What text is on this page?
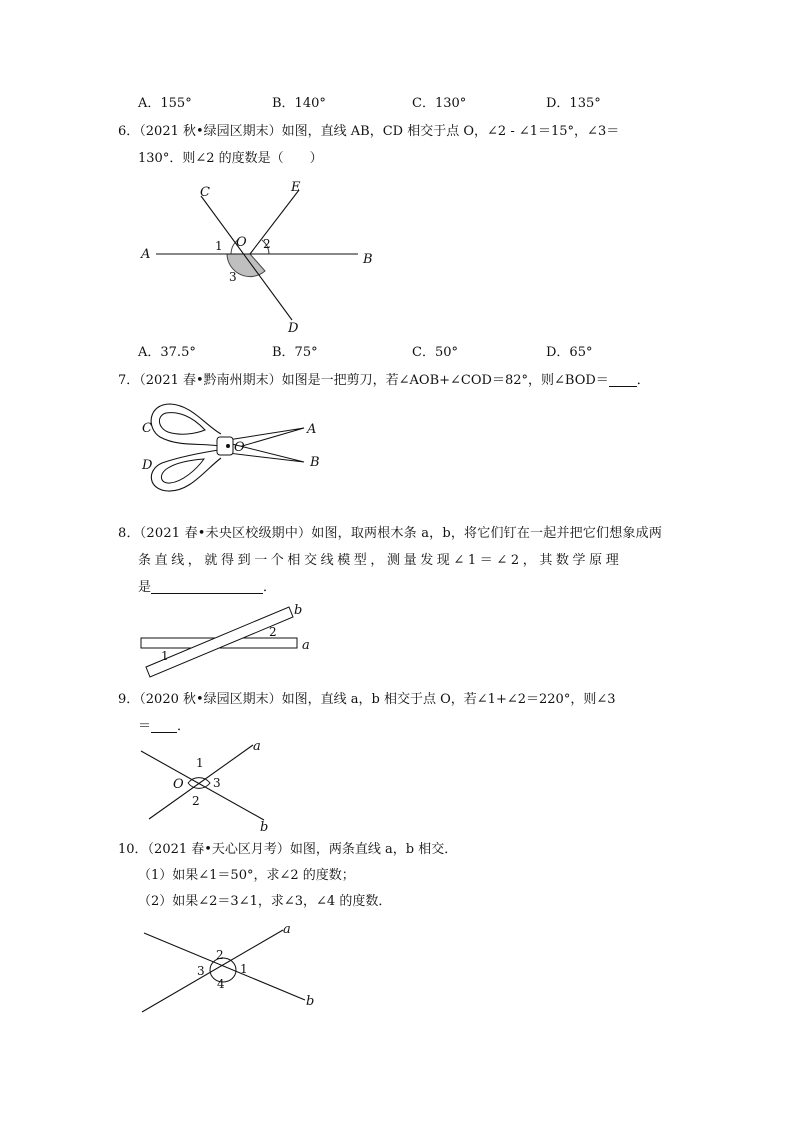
A．155°	B．140°	C．130°	D．135°
6．（2021 秋•绿园区期末）如图，直线 AB，CD 相交于点 O，∠2 - ∠1＝15°，∠3＝
130°．则∠2 的度数是（　　）
C	E
O
A	B
D
1	2
3
A．37.5°	B．75°	C．50°	D．65°
7．（2021 春•黔南州期末）如图是一把剪刀，若∠AOB+∠COD＝82°，则∠BOD＝ ．
C
D
O
A
B
8．（2021 春•未央区校级期中）如图，取两根木条 a，b，将它们钉在一起并把它们想象成两
条直线，就得到一个相交线模型，测量发现∠1＝∠2，其数学原理
是	．
a
b
1
2
9．（2020 秋•绿园区期末）如图，直线 a，b 相交于点 O，若∠1+∠2＝220°，则∠3
＝ ．
a
b
O
1
2
3
10．（2021 春•天心区月考）如图，两条直线 a，b 相交．
（1）如果∠1＝50°，求∠2 的度数；
（2）如果∠2＝3∠1，求∠3，∠4 的度数．
a
b
2
3	1
4
